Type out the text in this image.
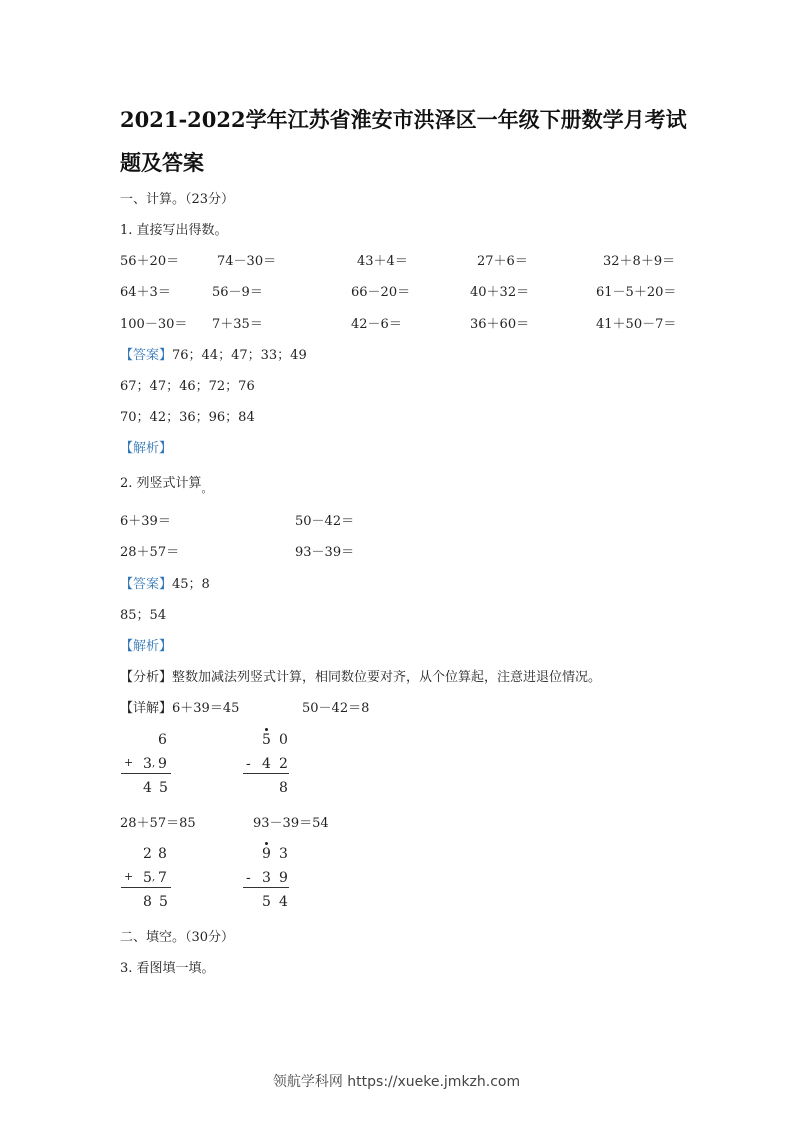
2021-2022学年江苏省淮安市洪泽区一年级下册数学月考试
题及答案
一、计算。（23分）
1. 直接写出得数。
56＋20＝	74－30＝	43＋4＝	27＋6＝	32＋8＋9＝
64＋3＝	56－9＝	66－20＝	40＋32＝	61－5＋20＝
100－30＝ 7＋35＝	42－6＝	36＋60＝	41＋50－7＝
【答案】76；44；47；33；49
67；47；46；72；76
70；42；36；96；84
【解析】
2. 列竖式计算$_。$
6＋39＝	50－42＝
28＋57＝	93－39＝
【答案】45；8
85；54
【解析】
【分析】整数加减法列竖式计算，相同数位要对齐，从个位算起，注意进退位情况。
【详解】6＋39＝45	50－42＝8
6
+ 3 , 9
4 5
5 0
- 4 2
8
28＋57＝85	93－39＝54
2 8
+ 5 , 7
8 5
9 3
- 3 9
5 4
二、填空。（30分）
3. 看图填一填。
领航学科网 https://xueke.jmkzh.com
